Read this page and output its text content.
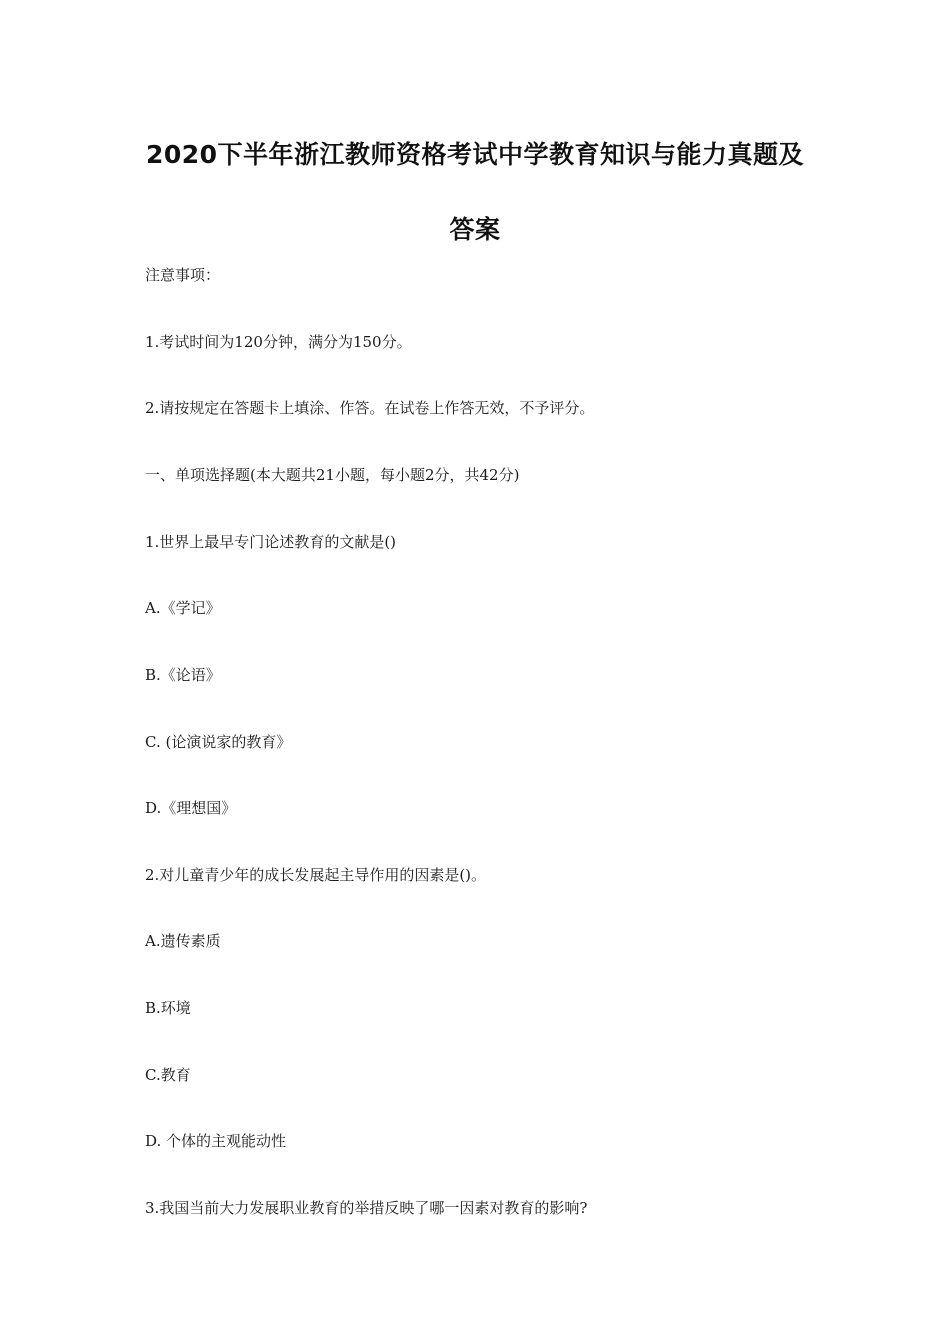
2020下半年浙江教师资格考试中学教育知识与能力真题及
答案
注意事项：
1.考试时间为120分钟，满分为150分。
2.请按规定在答题卡上填涂、作答。在试卷上作答无效，不予评分。
一、单项选择题(本大题共21小题，每小题2分，共42分)
1.世界上最早专门论述教育的文献是()
A.《学记》
B.《论语》
C. (论演说家的教育》
D.《理想国》
2.对儿童青少年的成长发展起主导作用的因素是()。
A.遗传素质
B.环境
C.教育
D. 个体的主观能动性
3.我国当前大力发展职业教育的举措反映了哪一因素对教育的影响?
